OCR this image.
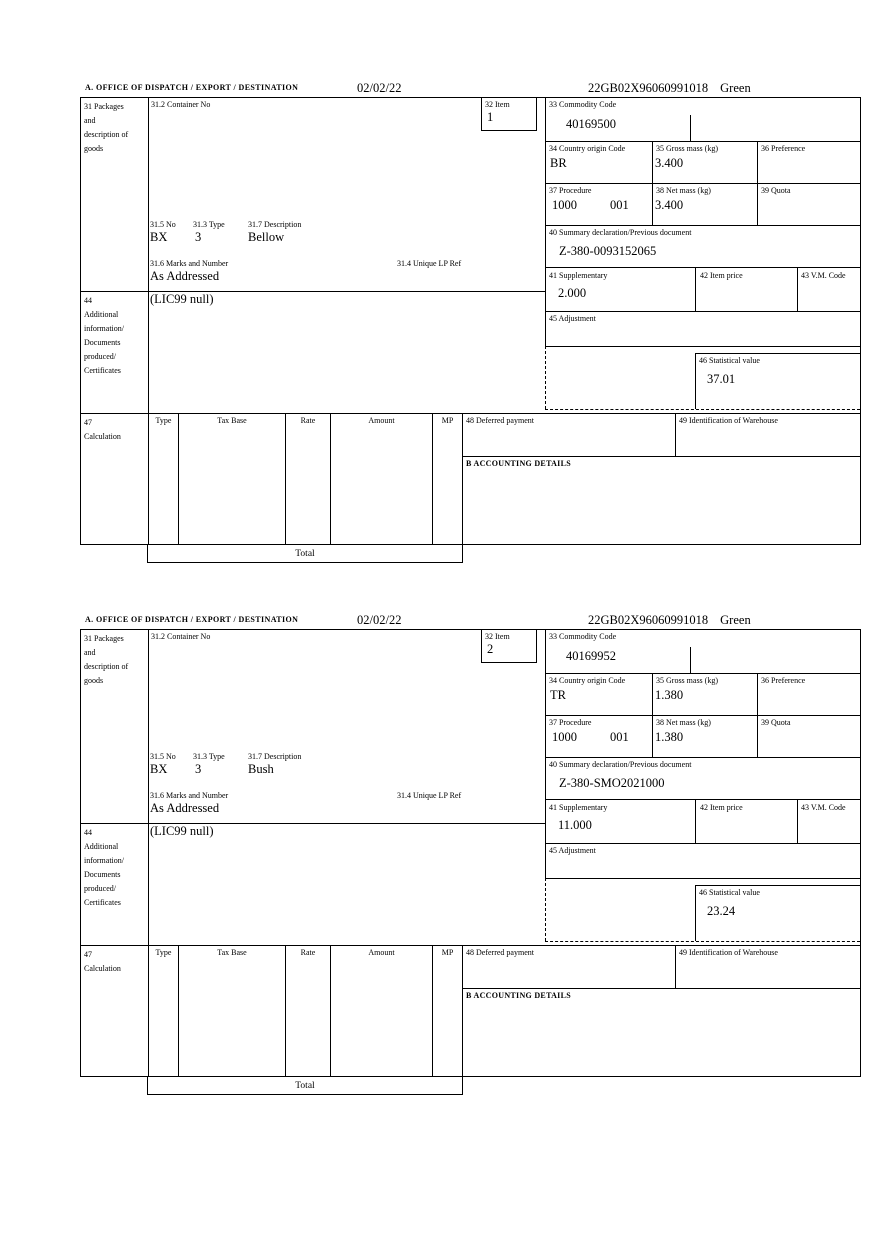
A. OFFICE OF DISPATCH / EXPORT / DESTINATION	02/02/22	22GB02X96060991018 Green
31 Packages and description of goods
31.2 Container No	32 Item
1
33 Commodity Code
40169500
34 Country origin Code
BR
35 Gross mass (kg)
3.400
36 Preference
37 Procedure
1000	001
38 Net mass (kg)
3.400
39 Quota
40 Summary declaration/Previous document
Z-380-0093152065
31.5 No 31.3 Type	31.7 Description
BX 3	Bellow
31.6 Marks and Number	31.4 Unique LP Ref
As Addressed
44
Additional information/ Documents produced/ Certificates
(LIC99 null)
41 Supplementary
2.000
42 Item price	43 V.M. Code
45 Adjustment
46 Statistical value
37.01
47 Calculation
Type	Tax Base	Rate	Amount	MP	48 Deferred payment	49 Identification of Warehouse
B ACCOUNTING DETAILS
Total
A. OFFICE OF DISPATCH / EXPORT / DESTINATION	02/02/22	22GB02X96060991018 Green
31 Packages and description of goods
31.2 Container No	32 Item
2
33 Commodity Code
40169952
34 Country origin Code
TR
35 Gross mass (kg)
1.380
36 Preference
37 Procedure
1000	001
38 Net mass (kg)
1.380
39 Quota
40 Summary declaration/Previous document
Z-380-SMO2021000
31.5 No 31.3 Type	31.7 Description
BX 3	Bush
31.6 Marks and Number	31.4 Unique LP Ref
As Addressed
44
Additional information/ Documents produced/ Certificates
(LIC99 null)
41 Supplementary
11.000
42 Item price	43 V.M. Code
45 Adjustment
46 Statistical value
23.24
47 Calculation
Type	Tax Base	Rate	Amount	MP	48 Deferred payment	49 Identification of Warehouse
B ACCOUNTING DETAILS
Total
